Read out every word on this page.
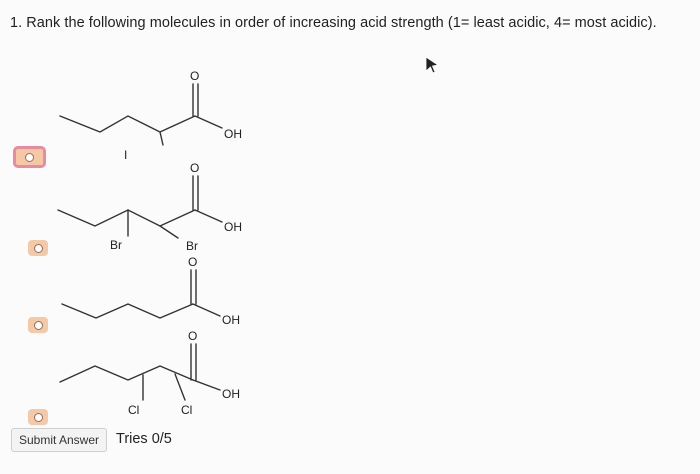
1. Rank the following molecules in order of increasing acid strength (1= least acidic, 4= most acidic).
O
OH
I
O
OH
Br	Br
O
OH
O
OH
Cl	Cl
Submit Answer	Tries 0/5
